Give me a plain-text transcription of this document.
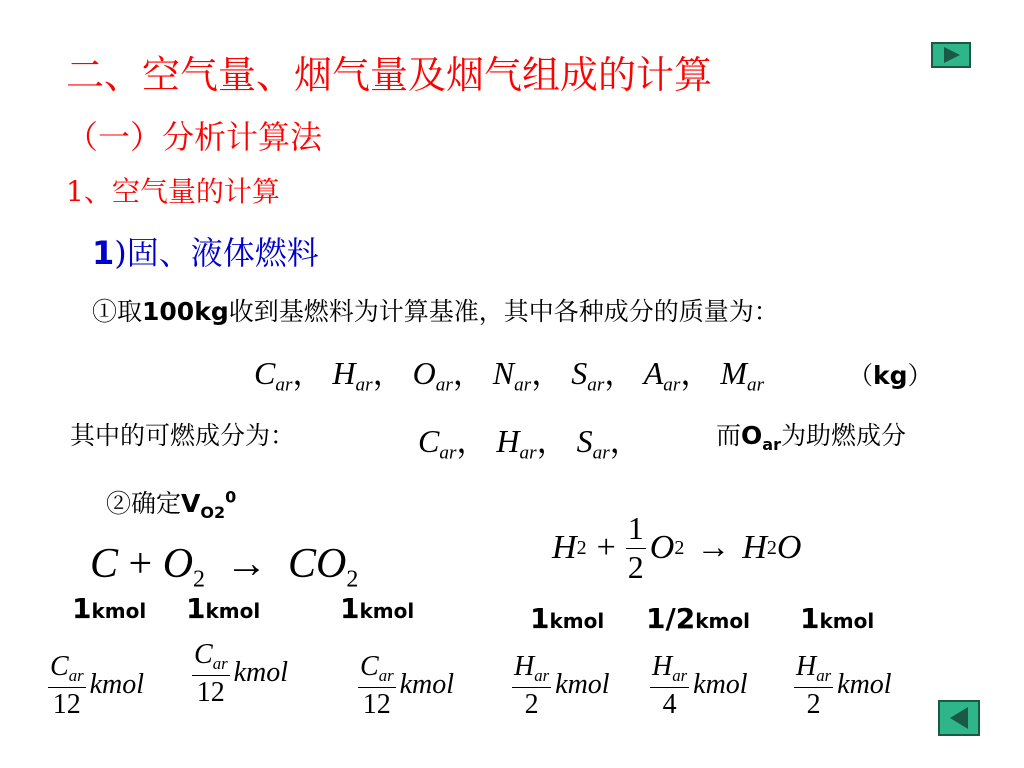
二、空气量、烟气量及烟气组成的计算
（一）分析计算法
1、空气量的计算
1)固、液体燃料
①取100kg收到基燃料为计算基准，其中各种成分的质量为：
$C_{ar}$， $H_{ar}$， $O_{ar}$， $N_{ar}$， $S_{ar}$， $A_{ar}$， $M_{ar}$	（kg）
其中的可燃成分为：	$C_{ar}$， $H_{ar}$， $S_{ar}$，	而$O_{ar}$为助燃成分
②确定$V_{O2}^0$
$C + O_2 \to CO_2$
H $2 + \frac{1}{2}$ O 2 → H 2 O
1kmol 1kmol	1kmol	1kmol 1/2kmol 1kmol
$\frac{C_{ar}}{12}$ kmol $\frac{C_{ar}}{12}$ kmol $\frac{C_{ar}}{12}$ kmol $\frac{H_{ar}}{2}$ kmol $\frac{H_{ar}}{4}$ kmol $\frac{H_{ar}}{2}$ kmol
